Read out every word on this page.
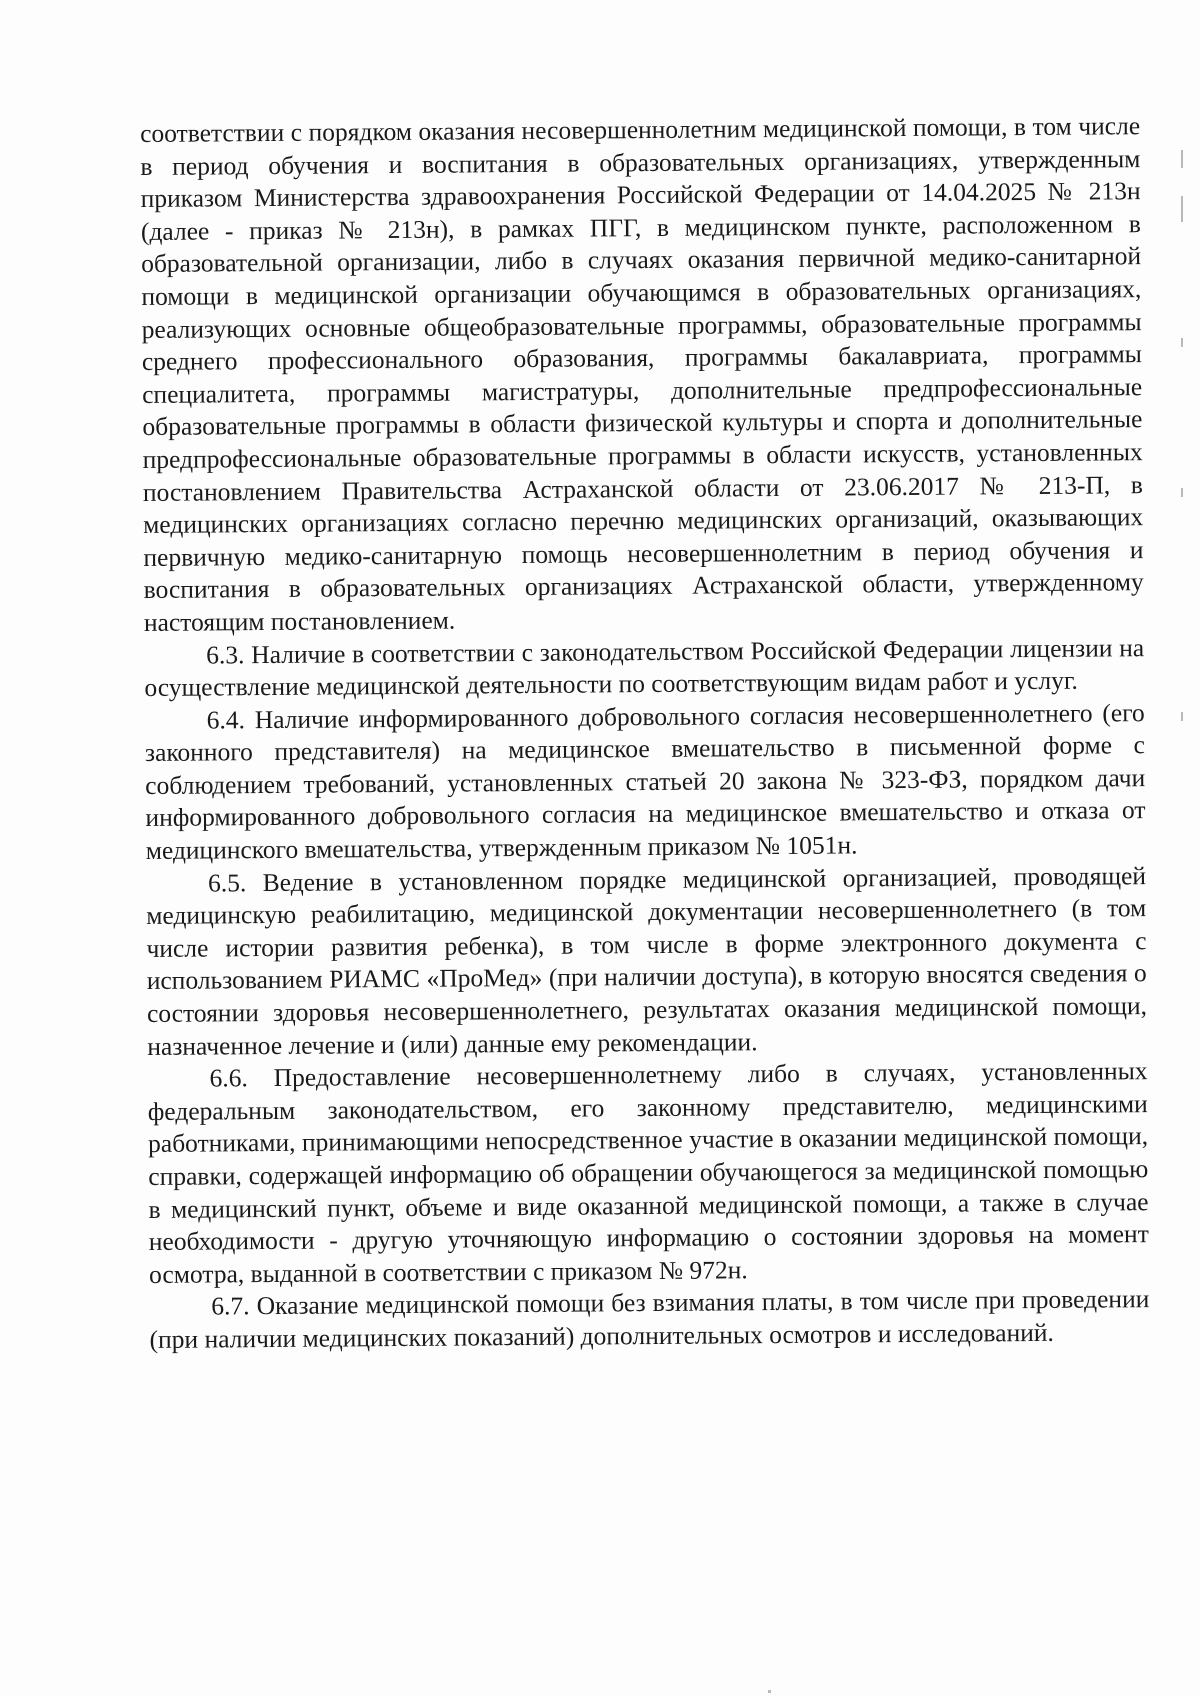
соответствии с порядком оказания несовершеннолетним медицинской помощи, в том числе в период обучения и воспитания в образовательных организациях, утвержденным приказом Министерства здравоохранения Российской Федерации от 14.04.2025 № 213н (далее - приказ № 213н), в рамках ПГГ, в медицинском пункте, расположенном в образовательной организации, либо в случаях оказания первичной медико-санитарной помощи в медицинской организации обучающимся в образовательных организациях, реализующих основные общеобразовательные программы, образовательные программы среднего профессионального образования, программы бакалавриата, программы специалитета, программы магистратуры, дополнительные предпрофессиональные образовательные программы в области физической культуры и спорта и дополнительные предпрофессиональные образовательные программы в области искусств, установленных постановлением Правительства Астраханской области от 23.06.2017 № 213-П, в медицинских организациях согласно перечню медицинских организаций, оказывающих первичную медико-санитарную помощь несовершеннолетним в период обучения и воспитания в образовательных организациях Астраханской области, утвержденному настоящим постановлением.

6.3. Наличие в соответствии с законодательством Российской Федерации лицензии на осуществление медицинской деятельности по соответствующим видам работ и услуг.

6.4. Наличие информированного добровольного согласия несовершеннолетнего (его законного представителя) на медицинское вмешательство в письменной форме с соблюдением требований, установленных статьей 20 закона № 323-ФЗ, порядком дачи информированного добровольного согласия на медицинское вмешательство и отказа от медицинского вмешательства, утвержденным приказом № 1051н.

6.5. Ведение в установленном порядке медицинской организацией, проводящей медицинскую реабилитацию, медицинской документации несовершеннолетнего (в том числе истории развития ребенка), в том числе в форме электронного документа с использованием РИАМС «ПроМед» (при наличии доступа), в которую вносятся сведения о состоянии здоровья несовершеннолетнего, результатах оказания медицинской помощи, назначенное лечение и (или) данные ему рекомендации.

6.6. Предоставление несовершеннолетнему либо в случаях, установленных федеральным законодательством, его законному представителю, медицинскими работниками, принимающими непосредственное участие в оказании медицинской помощи, справки, содержащей информацию об обращении обучающегося за медицинской помощью в медицинский пункт, объеме и виде оказанной медицинской помощи, а также в случае необходимости - другую уточняющую информацию о состоянии здоровья на момент осмотра, выданной в соответствии с приказом № 972н.

6.7. Оказание медицинской помощи без взимания платы, в том числе при проведении (при наличии медицинских показаний) дополнительных осмотров и исследований.
